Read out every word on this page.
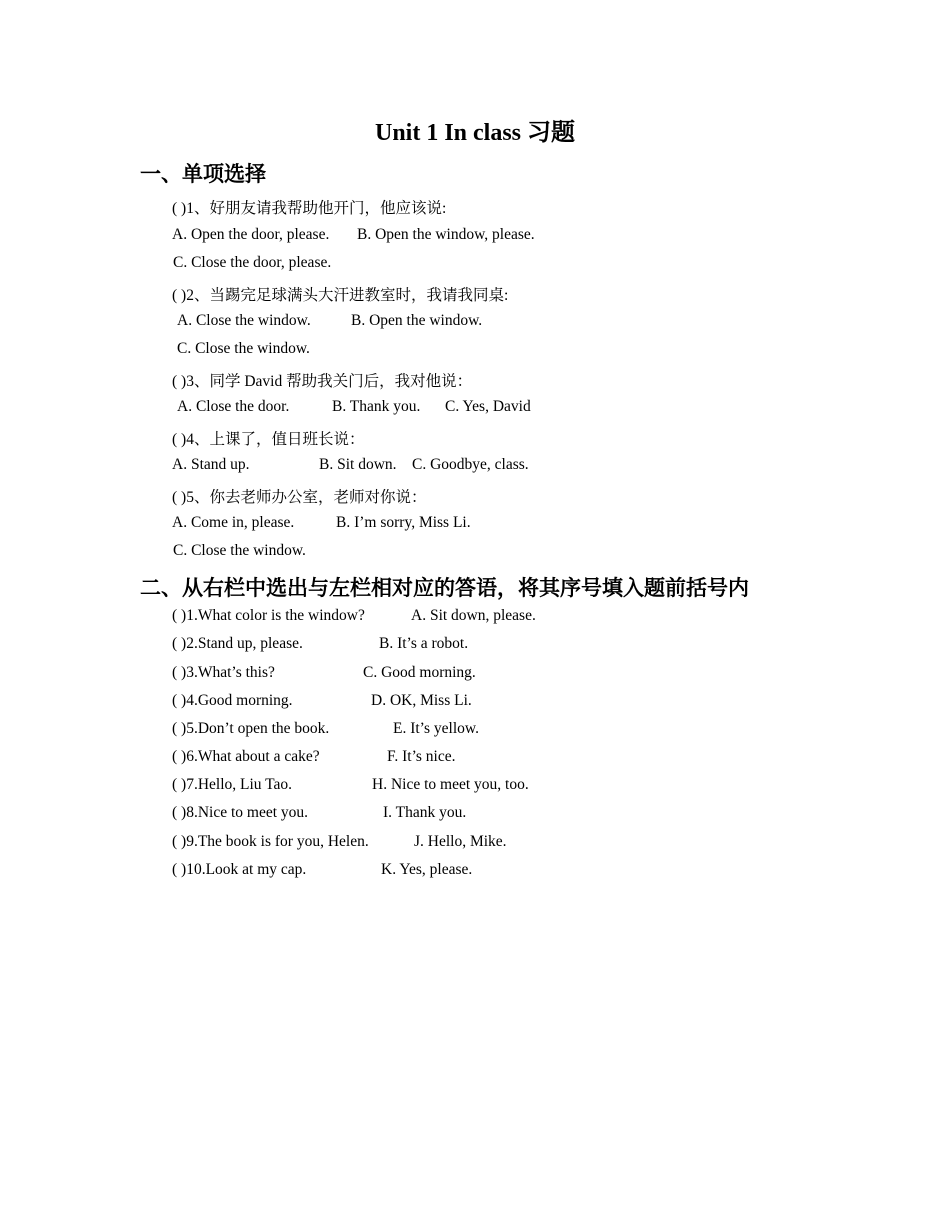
Unit 1 In class 习题
一、单项选择
( )1、好朋友请我帮助他开门，他应该说:
A. Open the door, please. B. Open the window, please.
C. Close the door, please.
( )2、当踢完足球满头大汗进教室时，我请我同桌:
A. Close the window.	B. Open the window.
C. Close the window.
( )3、同学 David 帮助我关门后，我对他说：
A. Close the door.	B. Thank you. C. Yes, David
( )4、上课了，值日班长说：
A. Stand up.	B. Sit down. C. Goodbye, class.
( )5、你去老师办公室，老师对你说：
A. Come in, please.	B. I’m sorry, Miss Li.
C. Close the window.
二、从右栏中选出与左栏相对应的答语，将其序号填入题前括号内
( )1.What color is the window?	A. Sit down, please.
( )2.Stand up, please.	B. It’s a robot.
( )3.What’s this?	C. Good morning.
( )4.Good morning.	D. OK, Miss Li.
( )5.Don’t open the book.	E. It’s yellow.
( )6.What about a cake?	F. It’s nice.
( )7.Hello, Liu Tao.	H. Nice to meet you, too.
( )8.Nice to meet you.	I. Thank you.
( )9.The book is for you, Helen.	J. Hello, Mike.
( )10.Look at my cap.	K. Yes, please.
